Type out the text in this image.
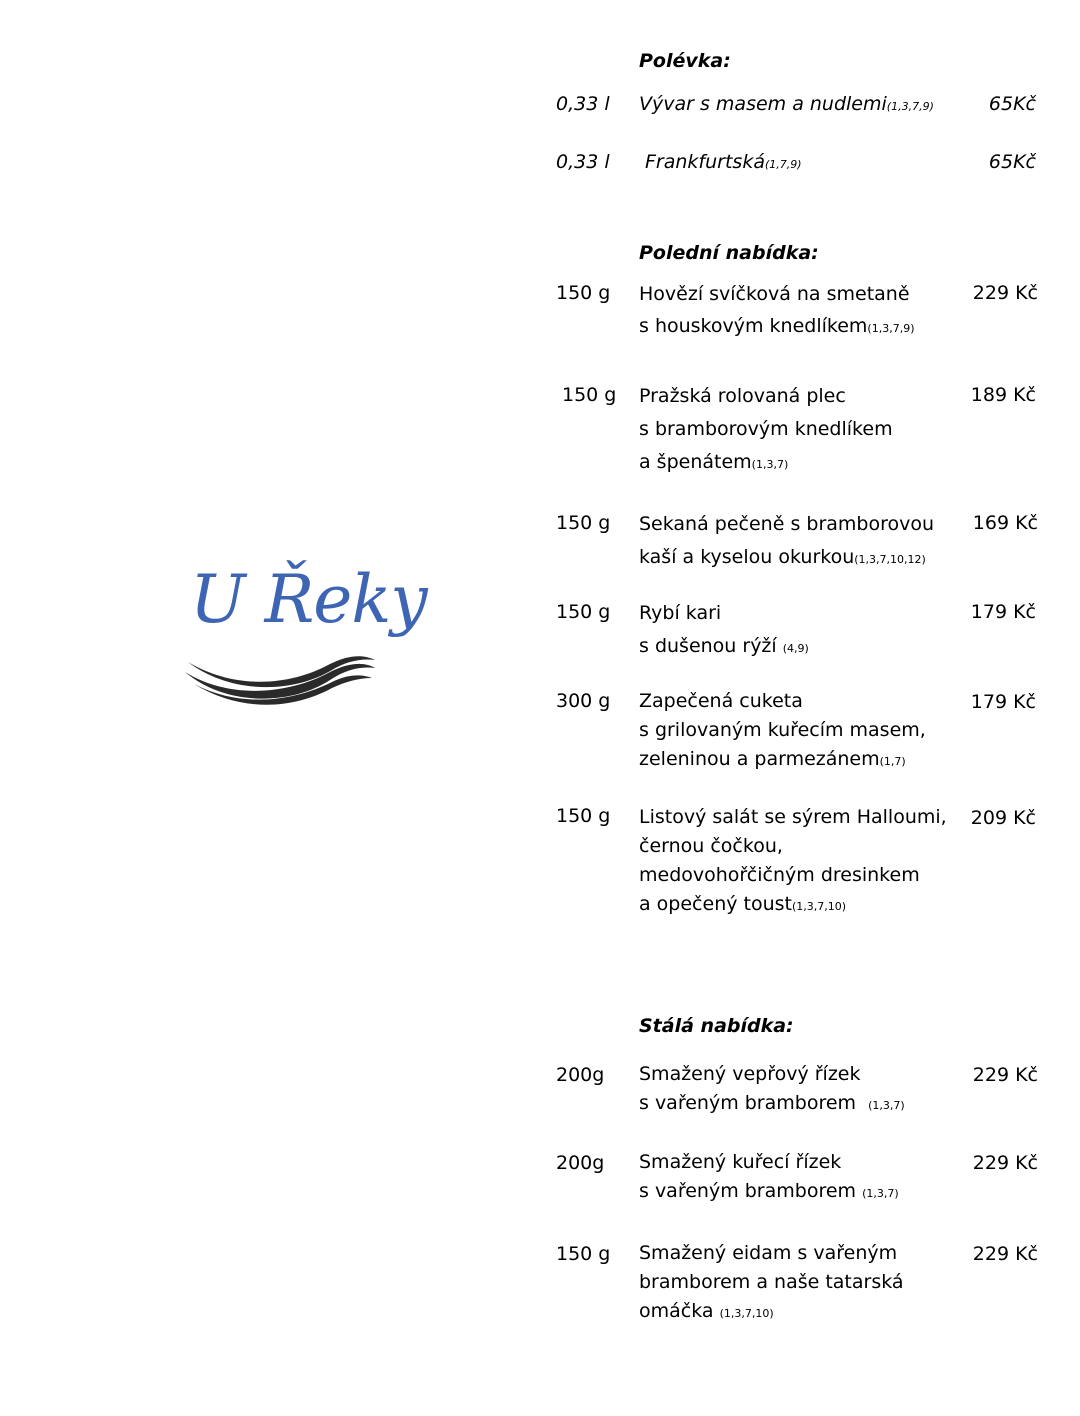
U Řeky
Polévka:
0,33 l Vývar s masem a nudlemi(1,3,7,9)	65Kč
0,33 l Frankfurtská(1,7,9)	65Kč
Polední nabídka:
150 g Hovězí svíčková na smetaně
s houskovým knedlíkem(1,3,7,9)
229 Kč
150 g Pražská rolovaná plec
s bramborovým knedlíkem
a špenátem(1,3,7)
189 Kč
150 g Sekaná pečeně s bramborovou
kaší a kyselou okurkou(1,3,7,10,12)
169 Kč
150 g Rybí kari
s dušenou rýží (4,9)
179 Kč
300 g Zapečená cuketa
s grilovaným kuřecím masem,
zeleninou a parmezánem(1,7)
179 Kč
150 g Listový salát se sýrem Halloumi,
černou čočkou,
medovohořčičným dresinkem
a opečený toust(1,3,7,10)
209 Kč
Stálá nabídka:
200g Smažený vepřový řízek
s vařeným bramborem (1,3,7)
229 Kč
200g Smažený kuřecí řízek
s vařeným bramborem (1,3,7)
229 Kč
150 g Smažený eidam s vařeným
bramborem a naše tatarská
omáčka (1,3,7,10)
229 Kč
